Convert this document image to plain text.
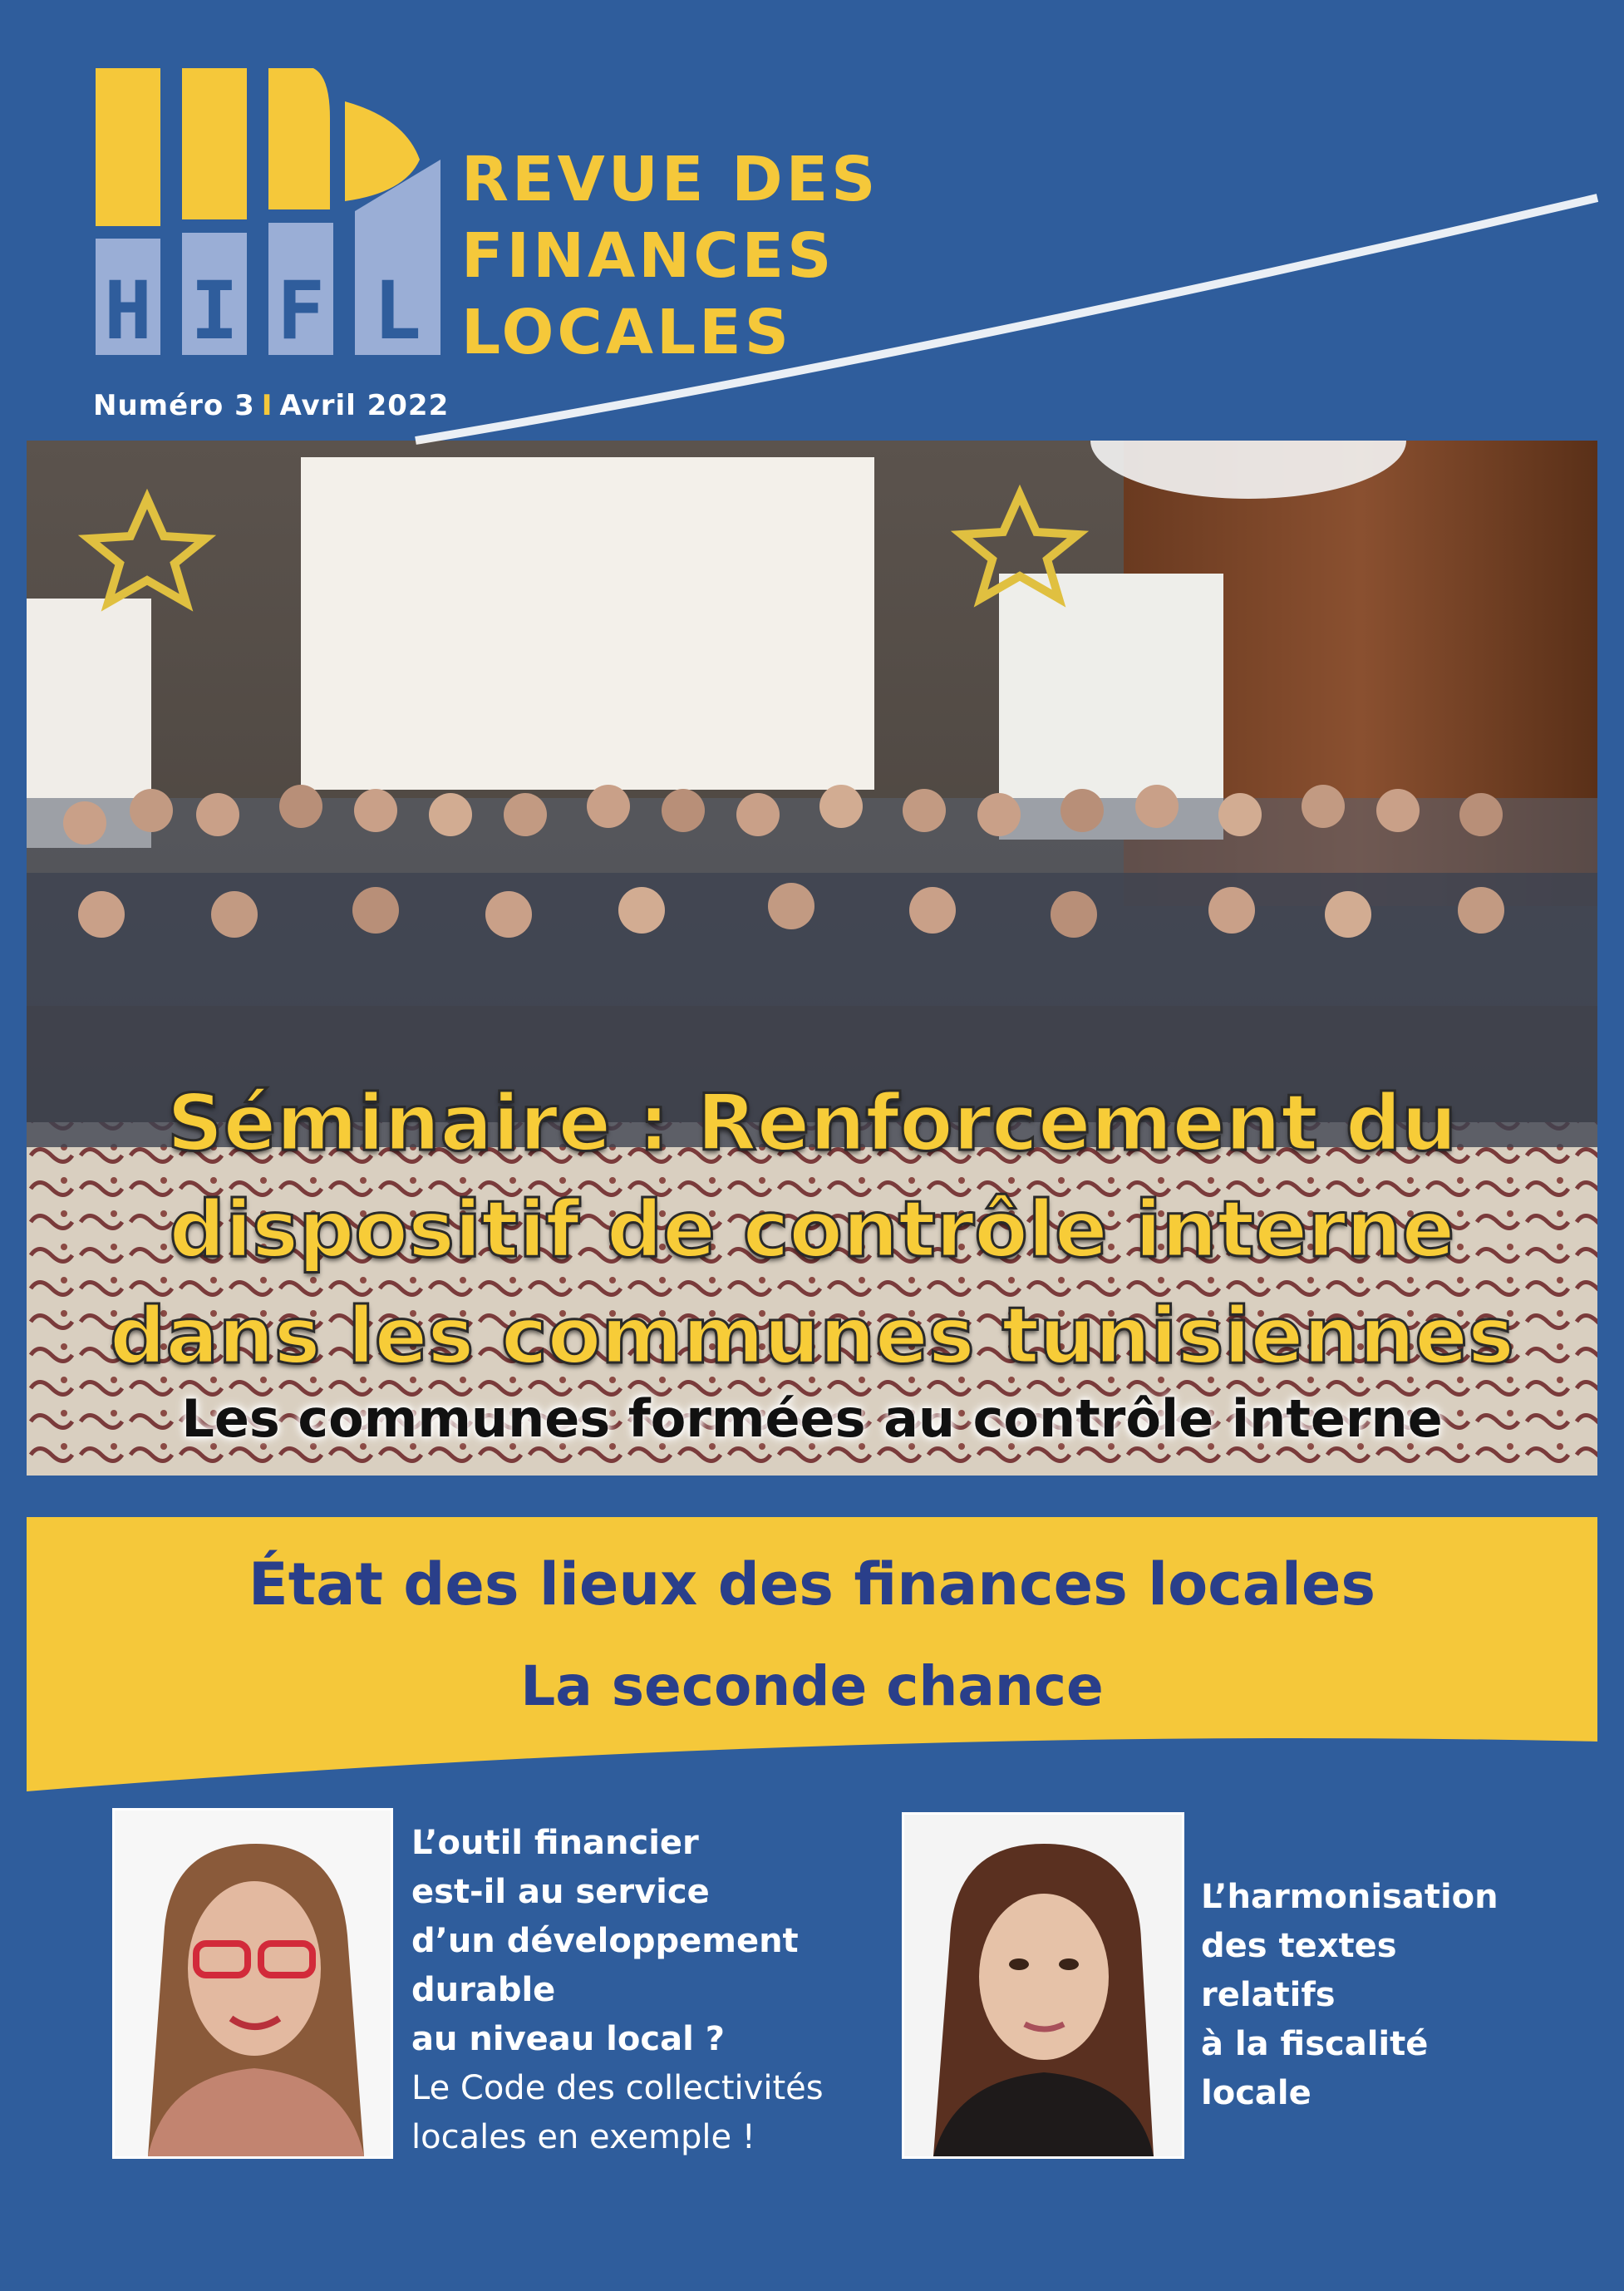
H I F L
REVUE DES
FINANCES
LOCALES
Numéro 3 I Avril 2022
Séminaire : Renforcement du
dispositif de contrôle interne
dans les communes tunisiennes
Les communes formées au contrôle interne
État des lieux des finances locales
La seconde chance
L’outil financier
est-il au service
d’un développement
durable
au niveau local ?
Le Code des collectivités
locales en exemple !
L’harmonisation
des textes
relatifs
à la fiscalité
locale
